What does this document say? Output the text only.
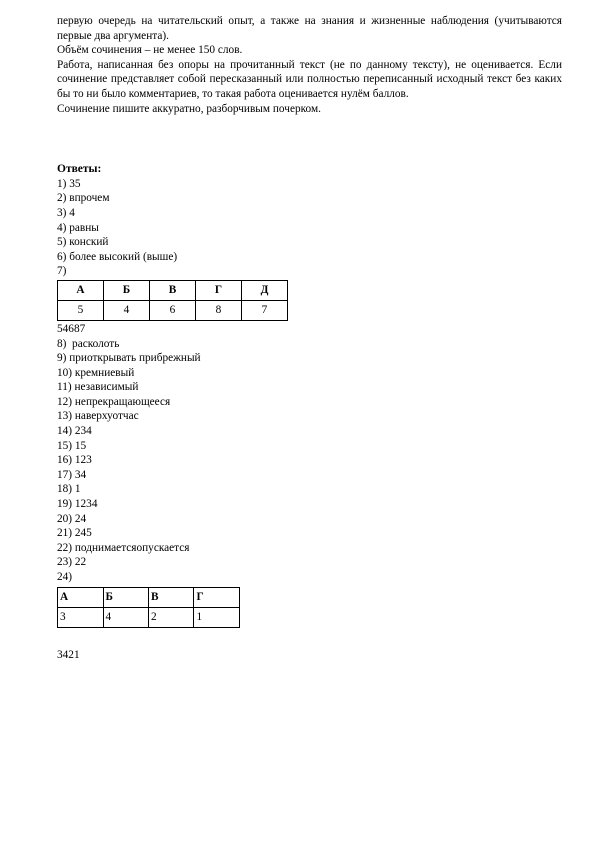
первую очередь на читательский опыт, а также на знания и жизненные наблюдения (учитываются первые два аргумента).

Объём сочинения – не менее 150 слов.

Работа, написанная без опоры на прочитанный текст (не по данному тексту), не оценивается. Если сочинение представляет собой пересказанный или полностью переписанный исходный текст без каких бы то ни было комментариев, то такая работа оценивается нулём баллов.

Сочинение пишите аккуратно, разборчивым почерком.

Ответы:

1) 35

2) впрочем

3) 4

4) равны

5) конский

6) более высокий (выше)

7)

А	Б	В	Г	Д
5	4	6	8	7

54687

8)  расколоть

9) приоткрывать прибрежный

10) кремниевый

11) независимый

12) непрекращающееся

13) наверхуотчас

14) 234

15) 15

16) 123

17) 34

18) 1

19) 1234

20) 24

21) 245

22) поднимаетсяопускается

23) 22

24)

А	Б	В	Г
3	4	2	1

3421
